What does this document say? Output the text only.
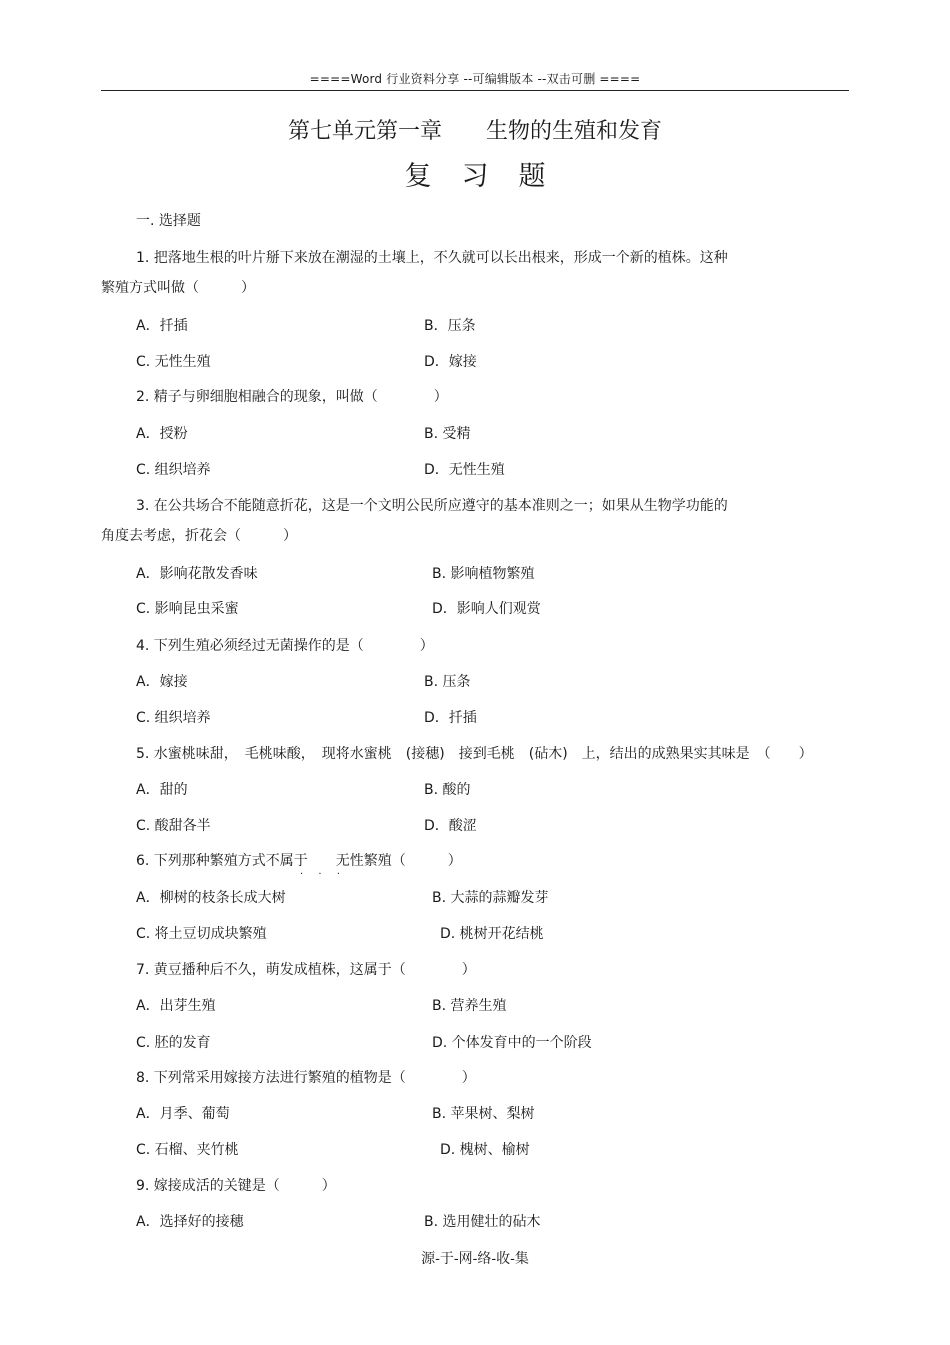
====Word 行业资料分享 --可编辑版本 --双击可删 ====
第七单元第一章 生物的生殖和发育
复习题
一. 选择题
1. 把落地生根的叶片掰下来放在潮湿的土壤上，不久就可以长出根来，形成一个新的植株。这种
繁殖方式叫做（　　　）
A．扦插	B．压条
C. 无性生殖	D．嫁接
2. 精子与卵细胞相融合的现象，叫做（　　　　）
A．授粉	B. 受精
C. 组织培养	D．无性生殖
3. 在公共场合不能随意折花，这是一个文明公民所应遵守的基本准则之一；如果从生物学功能的
角度去考虑，折花会（　　　）
A．影响花散发香味	B. 影响植物繁殖
C. 影响昆虫采蜜	D．影响人们观赏
4. 下列生殖必须经过无菌操作的是（　　　　）
A．嫁接	B. 压条
C. 组织培养	D．扦插
5. 水蜜桃味甜，　毛桃味酸，　现将水蜜桃　(接穗)　接到毛桃　(砧木)　上，结出的成熟果实其味是　（　　）
A．甜的	B. 酸的
C. 酸甜各半	D．酸涩
6. 下列那种繁殖方式不属于　　无性繁殖（　　　）
. . .
A．柳树的枝条长成大树	B. 大蒜的蒜瓣发芽
C. 将土豆切成块繁殖	D. 桃树开花结桃
7. 黄豆播种后不久，萌发成植株，这属于（　　　　）
A．出芽生殖	B. 营养生殖
C. 胚的发育	D. 个体发育中的一个阶段
8. 下列常采用嫁接方法进行繁殖的植物是（　　　　）
A．月季、葡萄	B. 苹果树、梨树
C. 石榴、夹竹桃	D. 槐树、榆树
9. 嫁接成活的关键是（　　　）
A．选择好的接穗	B. 选用健壮的砧木
源-于-网-络-收-集
